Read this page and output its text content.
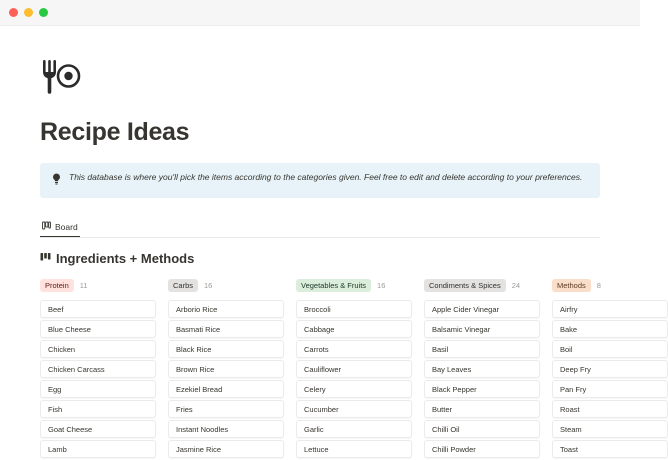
Recipe Ideas
This database is where you'll pick the items according to the categories given. Feel free to edit and delete according to your preferences.
Board
Ingredients + Methods
Protein	11
Beef
Blue Cheese
Chicken
Chicken Carcass
Egg
Fish
Goat Cheese
Lamb
Carbs	16
Arborio Rice
Basmati Rice
Black Rice
Brown Rice
Ezekiel Bread
Fries
Instant Noodles
Jasmine Rice
Vegetables & Fruits	16
Broccoli
Cabbage
Carrots
Cauliflower
Celery
Cucumber
Garlic
Lettuce
Condiments & Spices	24
Apple Cider Vinegar
Balsamic Vinegar
Basil
Bay Leaves
Black Pepper
Butter
Chilli Oil
Chilli Powder
Methods	8
Airfry
Bake
Boil
Deep Fry
Pan Fry
Roast
Steam
Toast
